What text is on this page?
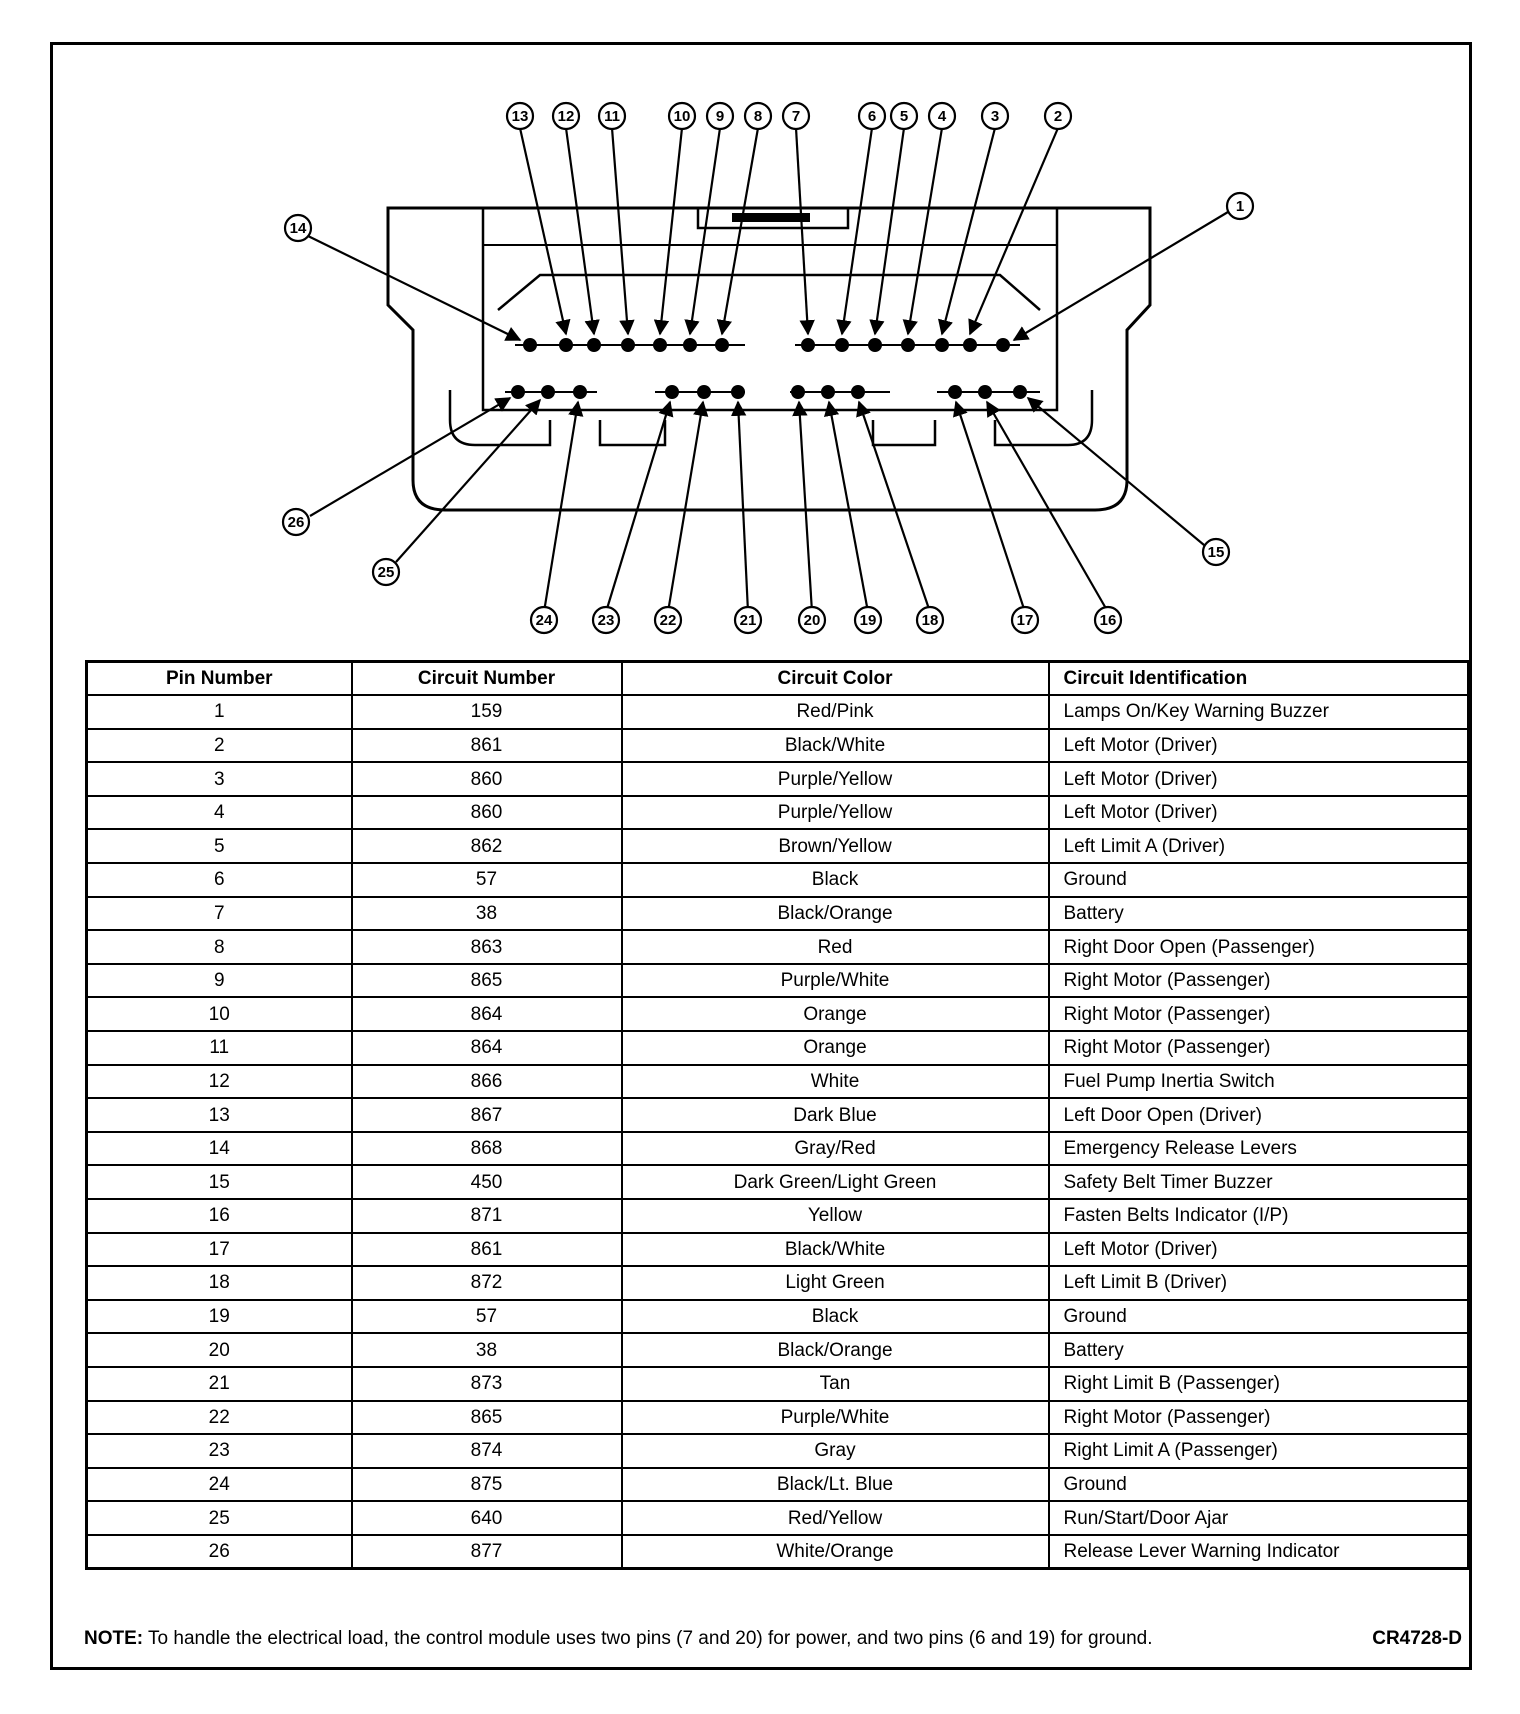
13 12 11	10 9 8 7	6 5 4	3	2
1
14
26
25
24	23	22	21	20	19	18	17	16
15
Pin Number	Circuit Number	Circuit Color	Circuit Identification
1	159	Red/Pink	Lamps On/Key Warning Buzzer
2	861	Black/White	Left Motor (Driver)
3	860	Purple/Yellow	Left Motor (Driver)
4	860	Purple/Yellow	Left Motor (Driver)
5	862	Brown/Yellow	Left Limit A (Driver)
6	57	Black	Ground
7	38	Black/Orange	Battery
8	863	Red	Right Door Open (Passenger)
9	865	Purple/White	Right Motor (Passenger)
10	864	Orange	Right Motor (Passenger)
11	864	Orange	Right Motor (Passenger)
12	866	White	Fuel Pump Inertia Switch
13	867	Dark Blue	Left Door Open (Driver)
14	868	Gray/Red	Emergency Release Levers
15	450	Dark Green/Light Green	Safety Belt Timer Buzzer
16	871	Yellow	Fasten Belts Indicator (I/P)
17	861	Black/White	Left Motor (Driver)
18	872	Light Green	Left Limit B (Driver)
19	57	Black	Ground
20	38	Black/Orange	Battery
21	873	Tan	Right Limit B (Passenger)
22	865	Purple/White	Right Motor (Passenger)
23	874	Gray	Right Limit A (Passenger)
24	875	Black/Lt. Blue	Ground
25	640	Red/Yellow	Run/Start/Door Ajar
26	877	White/Orange	Release Lever Warning Indicator
NOTE: To handle the electrical load, the control module uses two pins (7 and 20) for power, and two pins (6 and 19) for ground.	CR4728-D
